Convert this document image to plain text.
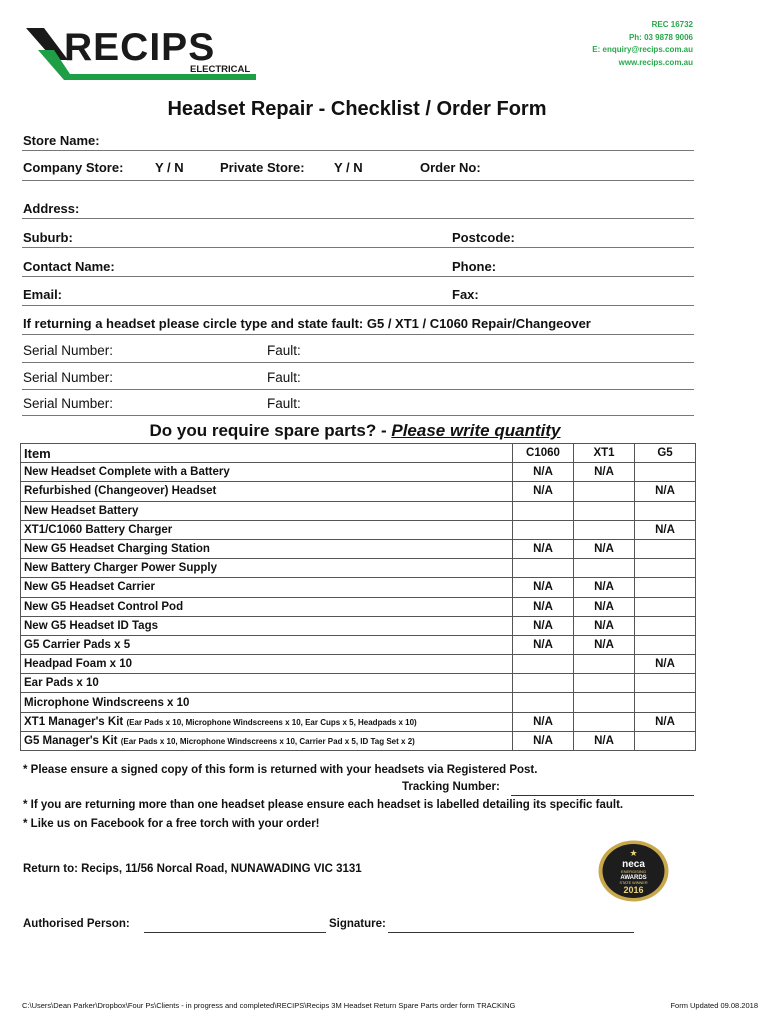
RECIPS
ELECTRICAL
REC 16732
Ph: 03 9878 9006
E: enquiry@recips.com.au
www.recips.com.au
Headset Repair - Checklist / Order Form
Store Name:
Company Store: Y / N	Private Store: Y / N	Order No:
Address:
Suburb:	Postcode:
Contact Name:	Phone:
Email:	Fax:
If returning a headset please circle type and state fault: G5 / XT1 / C1060 Repair/Changeover
Serial Number:	Fault:
Serial Number:	Fault:
Serial Number:	Fault:
Do you require spare parts? - Please write quantity
Item	C1060	XT1	G5
New Headset Complete with a Battery	N/A	N/A	
Refurbished (Changeover) Headset	N/A		N/A
New Headset Battery			
XT1/C1060 Battery Charger			N/A
New G5 Headset Charging Station	N/A	N/A	
New Battery Charger Power Supply			
New G5 Headset Carrier	N/A	N/A	
New G5 Headset Control Pod	N/A	N/A	
New G5 Headset ID Tags	N/A	N/A	
G5 Carrier Pads x 5	N/A	N/A	
Headpad Foam x 10			N/A
Ear Pads x 10			
Microphone Windscreens x 10			
XT1 Manager's Kit (Ear Pads x 10, Microphone Windscreens x 10, Ear Cups x 5, Headpads x 10)	N/A		N/A
G5 Manager's Kit (Ear Pads x 10, Microphone Windscreens x 10, Carrier Pad x 5, ID Tag Set x 2)	N/A	N/A	
* Please ensure a signed copy of this form is returned with your headsets via Registered Post.
Tracking Number:
* If you are returning more than one headset please ensure each headset is labelled detailing its specific fault.
* Like us on Facebook for a free torch with your order!
Return to: Recips, 11/56 Norcal Road, NUNAWADING VIC 3131
★
neca
ENERGISING
AWARDS
STATE WINNER
2016
Authorised Person:	Signature:
C:\Users\Dean Parker\Dropbox\Four Ps\Clients - in progress and completed\RECIPS\Recips 3M Headset Return Spare Parts order form TRACKING	Form Updated 09.08.2018
